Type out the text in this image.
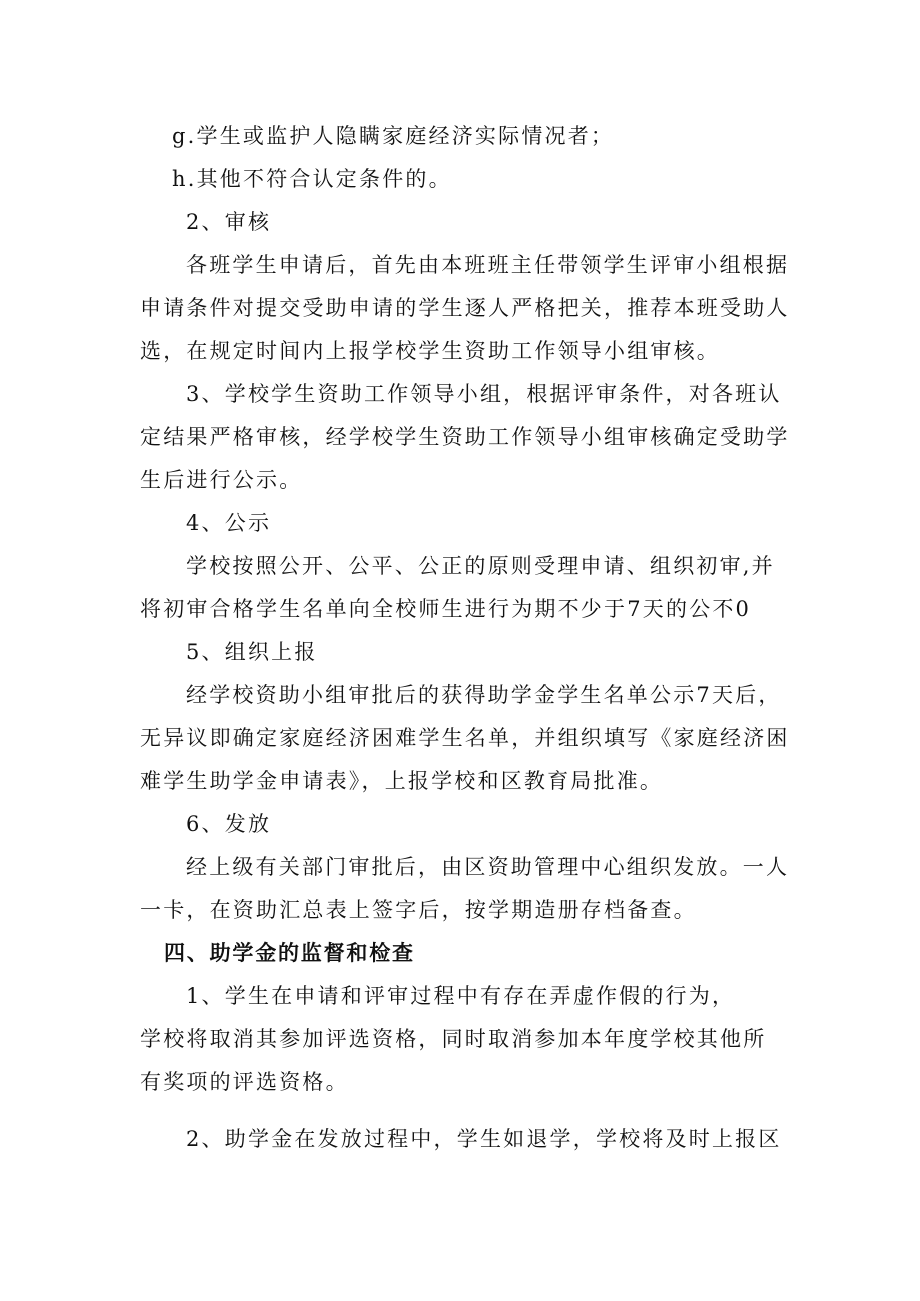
g.学生或监护人隐瞒家庭经济实际情况者；
h.其他不符合认定条件的。
2、审核
各班学生申请后，首先由本班班主任带领学生评审小组根据
申请条件对提交受助申请的学生逐人严格把关，推荐本班受助人
选，在规定时间内上报学校学生资助工作领导小组审核。
3、学校学生资助工作领导小组，根据评审条件，对各班认
定结果严格审核，经学校学生资助工作领导小组审核确定受助学
生后进行公示。
4、公示
学校按照公开、公平、公正的原则受理申请、组织初审,并
将初审合格学生名单向全校师生进行为期不少于7天的公不0
5、组织上报
经学校资助小组审批后的获得助学金学生名单公示7天后，
无异议即确定家庭经济困难学生名单，并组织填写《家庭经济困
难学生助学金申请表》，上报学校和区教育局批准。
6、发放
经上级有关部门审批后，由区资助管理中心组织发放。一人
一卡，在资助汇总表上签字后，按学期造册存档备查。
四、助学金的监督和检查
1、学生在申请和评审过程中有存在弄虚作假的行为，
学校将取消其参加评选资格，同时取消参加本年度学校其他所
有奖项的评选资格。
2、助学金在发放过程中，学生如退学，学校将及时上报区
